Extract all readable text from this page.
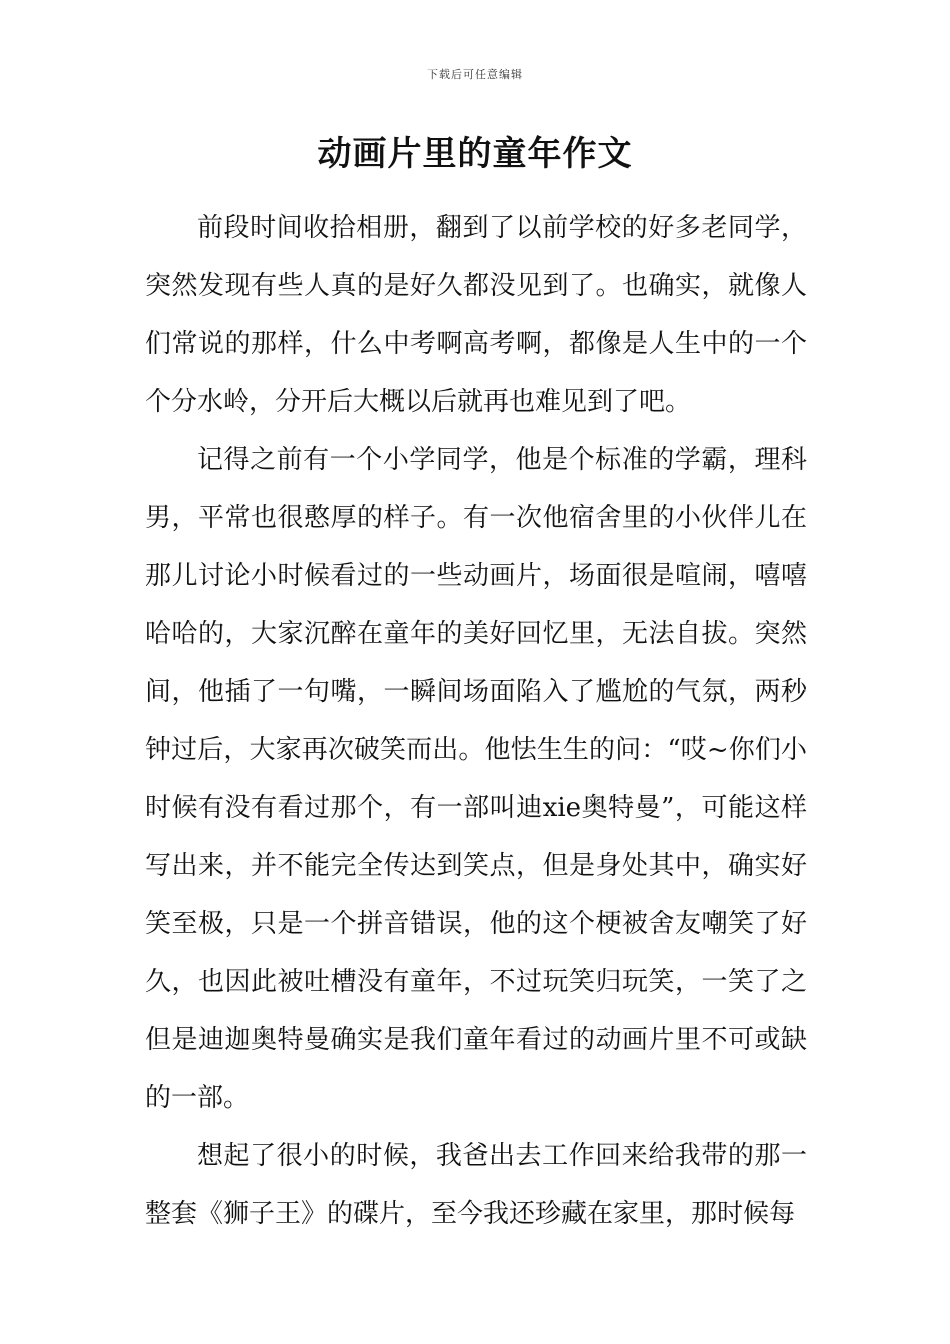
下载后可任意编辑
动画片里的童年作文

前段时间收拾相册，翻到了以前学校的好多老同学，突然发现有些人真的是好久都没见到了。也确实，就像人们常说的那样，什么中考啊高考啊，都像是人生中的一个个分水岭，分开后大概以后就再也难见到了吧。

记得之前有一个小学同学，他是个标准的学霸，理科男，平常也很憨厚的样子。有一次他宿舍里的小伙伴儿在那儿讨论小时候看过的一些动画片，场面很是喧闹，嘻嘻哈哈的，大家沉醉在童年的美好回忆里，无法自拔。突然间，他插了一句嘴，一瞬间场面陷入了尴尬的气氛，两秒钟过后，大家再次破笑而出。他怯生生的问：“哎~你们小时候有没有看过那个，有一部叫迪xie奥特曼”，可能这样写出来，并不能完全传达到笑点，但是身处其中，确实好笑至极，只是一个拼音错误，他的这个梗被舍友嘲笑了好久，也因此被吐槽没有童年，不过玩笑归玩笑，一笑了之但是迪迦奥特曼确实是我们童年看过的动画片里不可或缺的一部。

想起了很小的时候，我爸出去工作回来给我带的那一整套《狮子王》的碟片，至今我还珍藏在家里，那时候每
